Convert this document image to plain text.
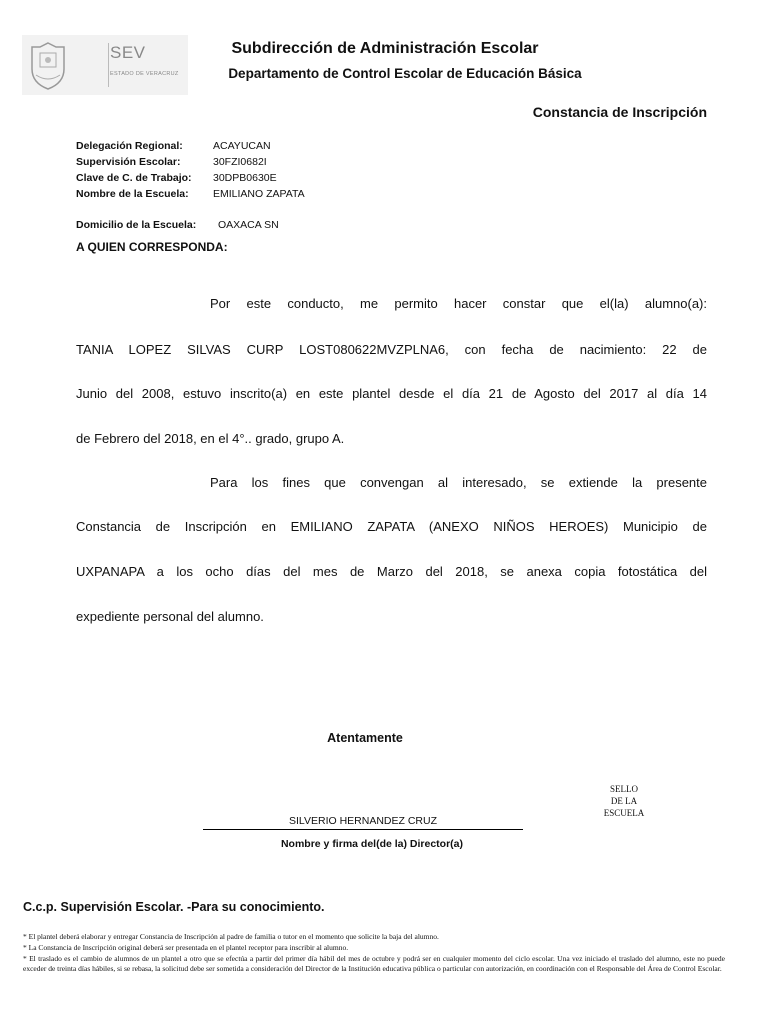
SEV
ESTADO DE VERACRUZ
Subdirección de Administración Escolar
Departamento de Control Escolar de Educación Básica
Constancia de Inscripción
Delegación Regional:	ACAYUCAN
Supervisión Escolar:	30FZI0682I
Clave de C. de Trabajo: 30DPB0630E
Nombre de la Escuela: EMILIANO ZAPATA
Domicilio de la Escuela: OAXACA SN
A QUIEN CORRESPONDA:
Por este conducto, me permito hacer constar que el(la) alumno(a):
TANIA LOPEZ SILVAS CURP LOST080622MVZPLNA6, con fecha de nacimiento: 22 de
Junio del 2008, estuvo inscrito(a) en este plantel desde el día 21 de Agosto del 2017 al día 14
de Febrero del 2018, en el 4°.. grado, grupo A.
Para los fines que convengan al interesado, se extiende la presente
Constancia de Inscripción en EMILIANO ZAPATA (ANEXO NIÑOS HEROES) Municipio de
UXPANAPA a los ocho días del mes de Marzo del 2018, se anexa copia fotostática del
expediente personal del alumno.
Atentamente
SELLO
DE LA
ESCUELA
SILVERIO HERNANDEZ CRUZ
Nombre y firma del(de la) Director(a)
C.c.p. Supervisión Escolar. -Para su conocimiento.
* El plantel deberá elaborar y entregar Constancia de Inscripción al padre de familia o tutor en el momento que solicite la baja del alumno.
* La Constancia de Inscripción original deberá ser presentada en el plantel receptor para inscribir al alumno.
* El traslado es el cambio de alumnos de un plantel a otro que se efectúa a partir del primer día hábil del mes de octubre y podrá ser en cualquier momento del ciclo escolar. Una vez iniciado el traslado del alumno, este no puede exceder de treinta días hábiles, si se rebasa, la solicitud debe ser sometida a consideración del Director de la Institución educativa pública o particular con autorización, en coordinación con el Responsable del Área de Control Escolar.
